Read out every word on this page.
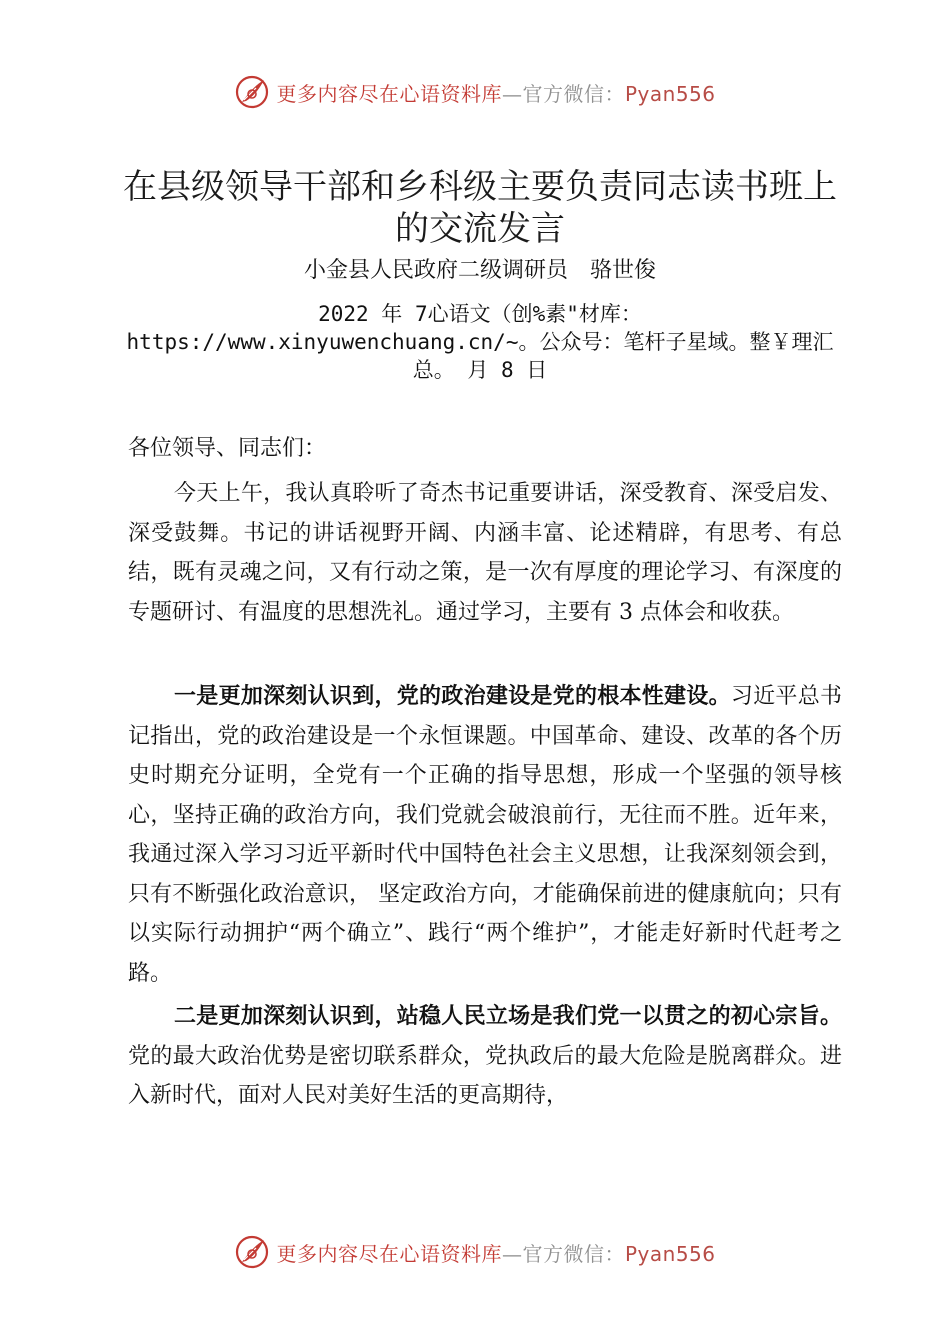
更多内容尽在心语资料库—官方微信：Pyan556
在县级领导干部和乡科级主要负责同志读书班上的交流发言
小金县人民政府二级调研员　骆世俊
2022 年 7心语文（创%素"材库：https://www.xinyuwenchuang.cn/~。公众号：笔杆子星域。整￥理汇总。 月 8 日
各位领导、同志们：

今天上午，我认真聆听了奇杰书记重要讲话，深受教育、深受启发、深受鼓舞。书记的讲话视野开阔、内涵丰富、论述精辟，有思考、有总结，既有灵魂之问，又有行动之策，是一次有厚度的理论学习、有深度的专题研讨、有温度的思想洗礼。通过学习，主要有 3 点体会和收获。

一是更加深刻认识到，党的政治建设是党的根本性建设。习近平总书记指出，党的政治建设是一个永恒课题。中国革命、建设、改革的各个历史时期充分证明，全党有一个正确的指导思想，形成一个坚强的领导核心，坚持正确的政治方向，我们党就会破浪前行，无往而不胜。近年来，我通过深入学习习近平新时代中国特色社会主义思想，让我深刻领会到，只有不断强化政治意识， 坚定政治方向，才能确保前进的健康航向；只有以实际行动拥护“两个确立”、践行“两个维护”，才能走好新时代赶考之路。

二是更加深刻认识到，站稳人民立场是我们党一以贯之的初心宗旨。党的最大政治优势是密切联系群众，党执政后的最大危险是脱离群众。进入新时代，面对人民对美好生活的更高期待，

更多内容尽在心语资料库—官方微信：Pyan556
